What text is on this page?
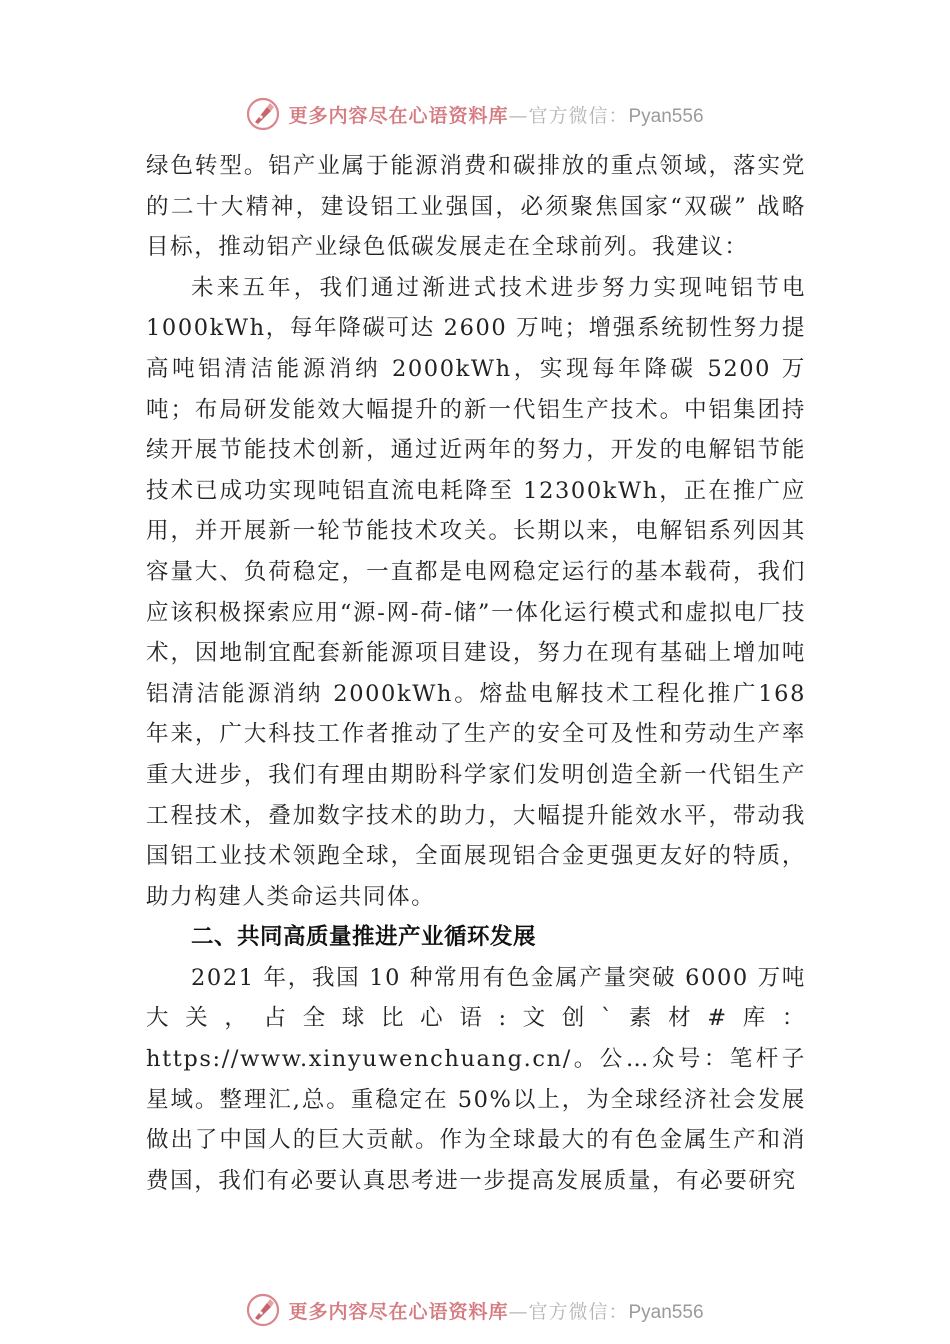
更多内容尽在心语资料库—官方微信：Pyan556

绿色转型。铝产业属于能源消费和碳排放的重点领域，落实党的二十大精神，建设铝工业强国，必须聚焦国家“双碳” 战略目标，推动铝产业绿色低碳发展走在全球前列。我建议：

未来五年，我们通过渐进式技术进步努力实现吨铝节电1000kWh，每年降碳可达 2600 万吨；增强系统韧性努力提高吨铝清洁能源消纳 2000kWh，实现每年降碳 5200 万吨；布局研发能效大幅提升的新一代铝生产技术。中铝集团持续开展节能技术创新，通过近两年的努力，开发的电解铝节能技术已成功实现吨铝直流电耗降至 12300kWh，正在推广应用，并开展新一轮节能技术攻关。长期以来，电解铝系列因其容量大、负荷稳定，一直都是电网稳定运行的基本载荷，我们应该积极探索应用“源-网-荷-储”一体化运行模式和虚拟电厂技术，因地制宜配套新能源项目建设，努力在现有基础上增加吨铝清洁能源消纳 2000kWh。熔盐电解技术工程化推广168 年来，广大科技工作者推动了生产的安全可及性和劳动生产率重大进步，我们有理由期盼科学家们发明创造全新一代铝生产工程技术，叠加数字技术的助力，大幅提升能效水平，带动我国铝工业技术领跑全球，全面展现铝合金更强更友好的特质，助力构建人类命运共同体。

二、共同高质量推进产业循环发展

2021 年，我国 10 种常用有色金属产量突破 6000 万吨大关，占全球比心语:文创`素材#库：https://www.xinyuwenchuang.cn/。公…众号：笔杆子星域。整理汇,总。重稳定在 50%以上，为全球经济社会发展做出了中国人的巨大贡献。作为全球最大的有色金属生产和消费国，我们有必要认真思考进一步提高发展质量，有必要研究

更多内容尽在心语资料库—官方微信：Pyan556
